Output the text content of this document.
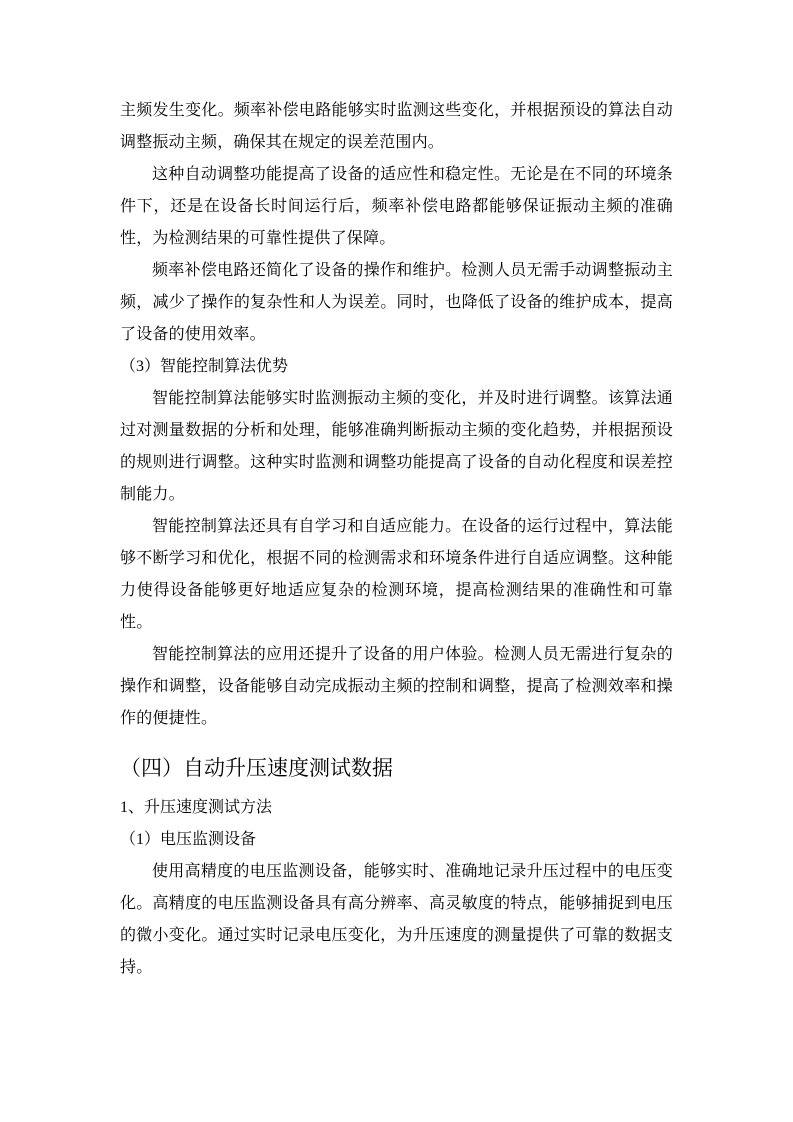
主频发生变化。频率补偿电路能够实时监测这些变化，并根据预设的算法自动调整振动主频，确保其在规定的误差范围内。

这种自动调整功能提高了设备的适应性和稳定性。无论是在不同的环境条件下，还是在设备长时间运行后，频率补偿电路都能够保证振动主频的准确性，为检测结果的可靠性提供了保障。

频率补偿电路还简化了设备的操作和维护。检测人员无需手动调整振动主频，减少了操作的复杂性和人为误差。同时，也降低了设备的维护成本，提高了设备的使用效率。

（3）智能控制算法优势

智能控制算法能够实时监测振动主频的变化，并及时进行调整。该算法通过对测量数据的分析和处理，能够准确判断振动主频的变化趋势，并根据预设的规则进行调整。这种实时监测和调整功能提高了设备的自动化程度和误差控制能力。

智能控制算法还具有自学习和自适应能力。在设备的运行过程中，算法能够不断学习和优化，根据不同的检测需求和环境条件进行自适应调整。这种能力使得设备能够更好地适应复杂的检测环境，提高检测结果的准确性和可靠性。

智能控制算法的应用还提升了设备的用户体验。检测人员无需进行复杂的操作和调整，设备能够自动完成振动主频的控制和调整，提高了检测效率和操作的便捷性。

（四）自动升压速度测试数据

1、升压速度测试方法

（1）电压监测设备

使用高精度的电压监测设备，能够实时、准确地记录升压过程中的电压变化。高精度的电压监测设备具有高分辨率、高灵敏度的特点，能够捕捉到电压的微小变化。通过实时记录电压变化，为升压速度的测量提供了可靠的数据支持。
